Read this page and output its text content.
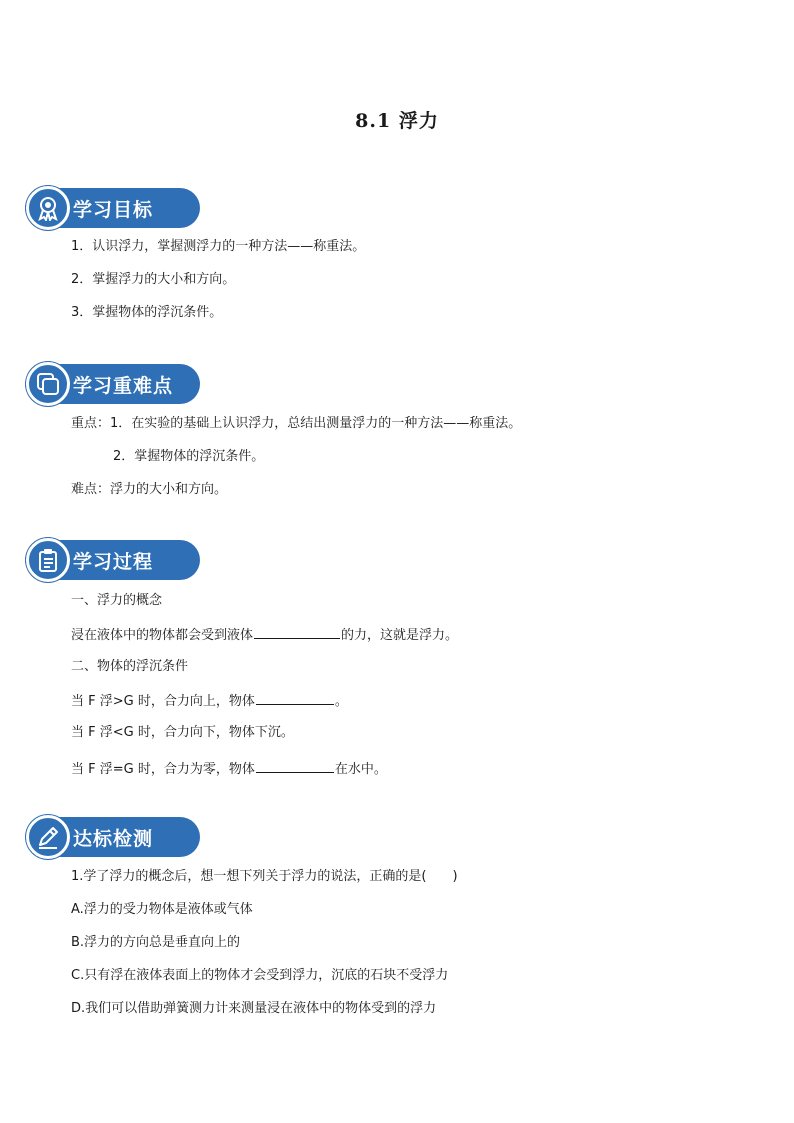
8.1 浮力
学习目标
1．认识浮力，掌握测浮力的一种方法——称重法。
2．掌握浮力的大小和方向。
3．掌握物体的浮沉条件。
学习重难点
重点：1．在实验的基础上认识浮力，总结出测量浮力的一种方法——称重法。
2．掌握物体的浮沉条件。
难点：浮力的大小和方向。
学习过程
一、浮力的概念
浸在液体中的物体都会受到液体	的力，这就是浮力。
二、物体的浮沉条件
当 F 浮>G 时，合力向上，物体	。
当 F 浮<G 时，合力向下，物体下沉。
当 F 浮=G 时，合力为零，物体	在水中。
达标检测
1.学了浮力的概念后，想一想下列关于浮力的说法，正确的是(　　)
A.浮力的受力物体是液体或气体
B.浮力的方向总是垂直向上的
C.只有浮在液体表面上的物体才会受到浮力，沉底的石块不受浮力
D.我们可以借助弹簧测力计来测量浸在液体中的物体受到的浮力
